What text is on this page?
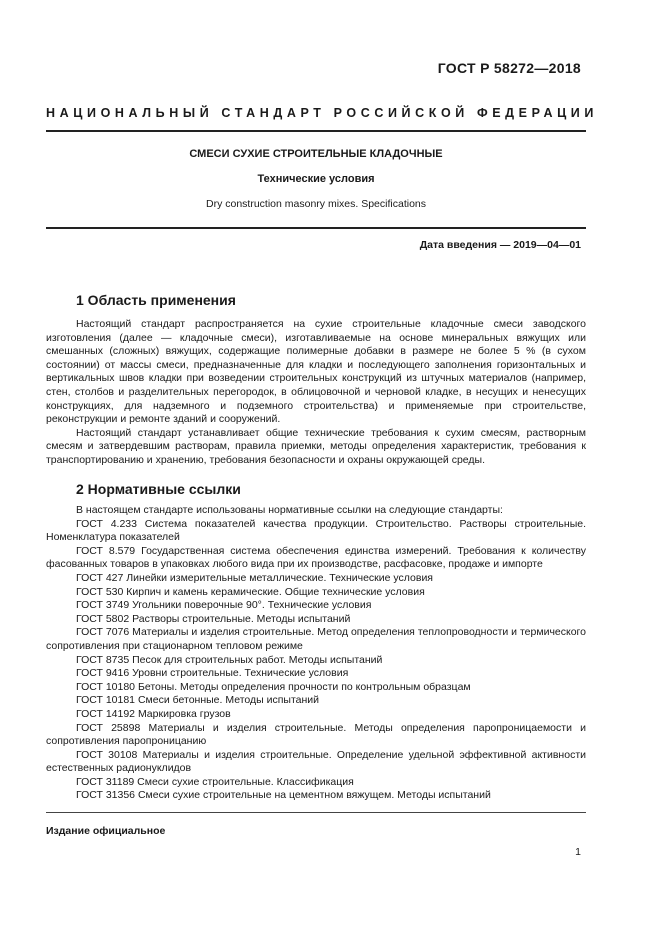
ГОСТ Р 58272—2018
НАЦИОНАЛЬНЫЙ СТАНДАРТ РОССИЙСКОЙ ФЕДЕРАЦИИ
СМЕСИ СУХИЕ СТРОИТЕЛЬНЫЕ КЛАДОЧНЫЕ
Технические условия
Dry construction masonry mixes. Specifications
Дата введения — 2019—04—01
1 Область применения

Настоящий стандарт распространяется на сухие строительные кладочные смеси заводского изготовления (далее — кладочные смеси), изготавливаемые на основе минеральных вяжущих или смешанных (сложных) вяжущих, содержащие полимерные добавки в размере не более 5 % (в сухом состоянии) от массы смеси, предназначенные для кладки и последующего заполнения горизонтальных и вертикальных швов кладки при возведении строительных конструкций из штучных материалов (например, стен, столбов и разделительных перегородок, в облицовочной и черновой кладке, в несущих и ненесущих конструкциях, для надземного и подземного строительства) и применяемые при строительстве, реконструкции и ремонте зданий и сооружений.

Настоящий стандарт устанавливает общие технические требования к сухим смесям, растворным смесям и затвердевшим растворам, правила приемки, методы определения характеристик, требования к транспортированию и хранению, требования безопасности и охраны окружающей среды.

2 Нормативные ссылки
В настоящем стандарте использованы нормативные ссылки на следующие стандарты:
ГОСТ 4.233 Система показателей качества продукции. Строительство. Растворы строительные. Номенклатура показателей
ГОСТ 8.579 Государственная система обеспечения единства измерений. Требования к количеству фасованных товаров в упаковках любого вида при их производстве, расфасовке, продаже и импорте
ГОСТ 427 Линейки измерительные металлические. Технические условия
ГОСТ 530 Кирпич и камень керамические. Общие технические условия
ГОСТ 3749 Угольники поверочные 90°. Технические условия
ГОСТ 5802 Растворы строительные. Методы испытаний
ГОСТ 7076 Материалы и изделия строительные. Метод определения теплопроводности и термического сопротивления при стационарном тепловом режиме
ГОСТ 8735 Песок для строительных работ. Методы испытаний
ГОСТ 9416 Уровни строительные. Технические условия
ГОСТ 10180 Бетоны. Методы определения прочности по контрольным образцам
ГОСТ 10181 Смеси бетонные. Методы испытаний
ГОСТ 14192 Маркировка грузов
ГОСТ 25898 Материалы и изделия строительные. Методы определения паропроницаемости и сопротивления паропроницанию
ГОСТ 30108 Материалы и изделия строительные. Определение удельной эффективной активности естественных радионуклидов
ГОСТ 31189 Смеси сухие строительные. Классификация
ГОСТ 31356 Смеси сухие строительные на цементном вяжущем. Методы испытаний
Издание официальное
1
